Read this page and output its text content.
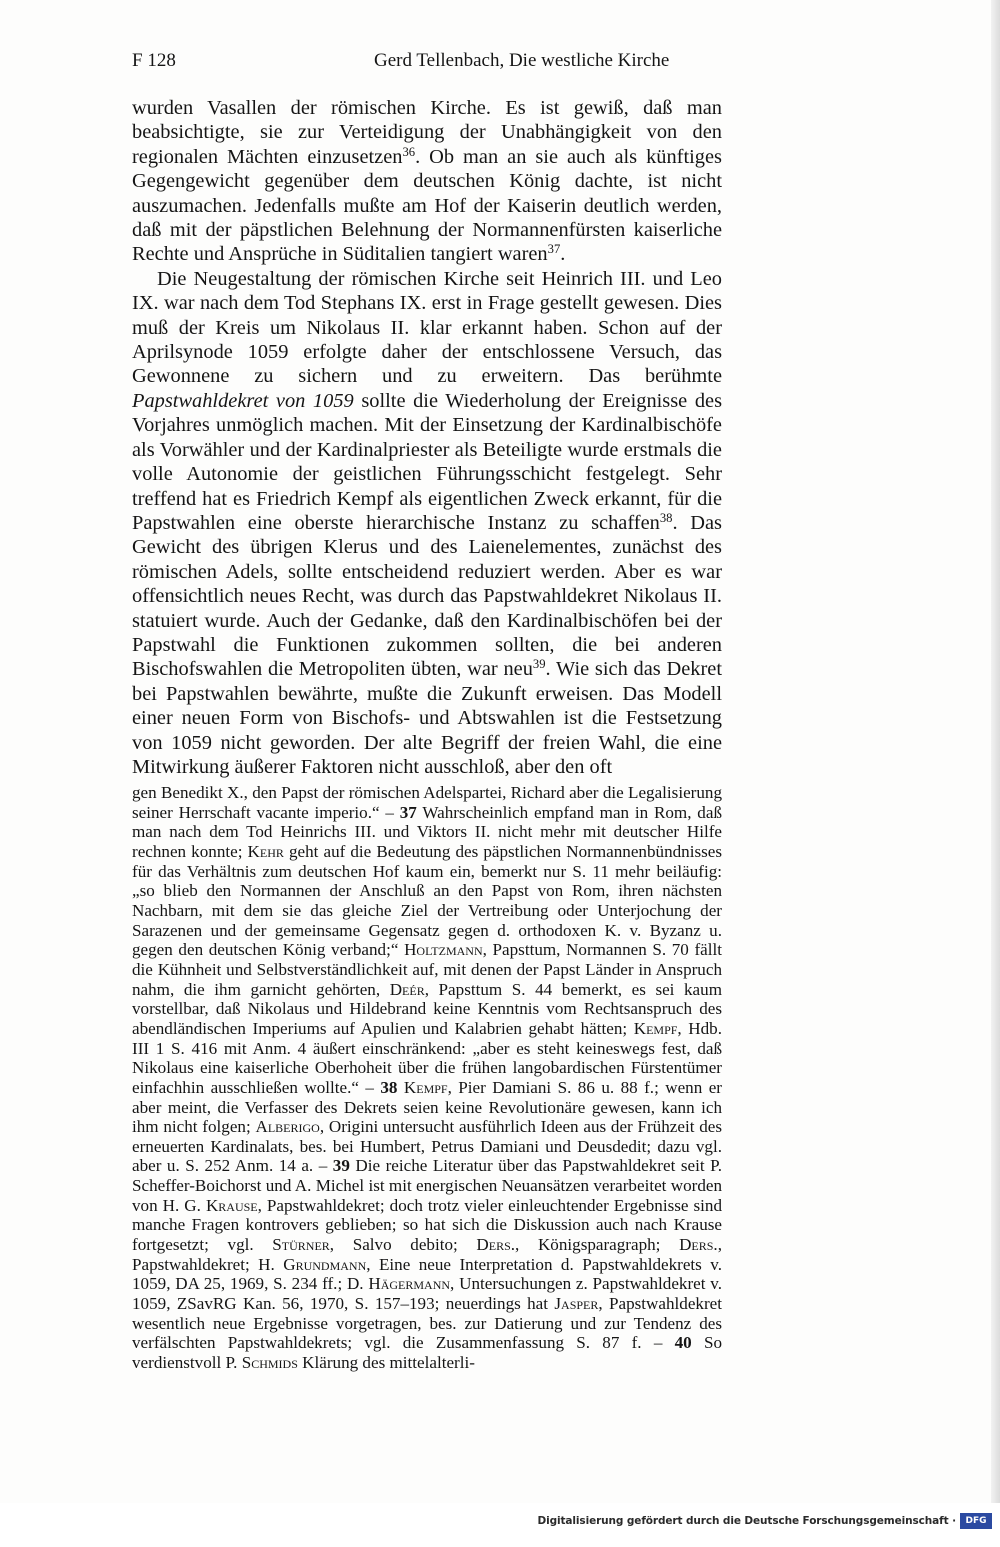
F 128	Gerd Tellenbach, Die westliche Kirche

wurden Vasallen der römischen Kirche. Es ist gewiß, daß man beabsichtigte, sie zur Verteidigung der Unabhängigkeit von den regionalen Mächten einzusetzen$^{36}$. Ob man an sie auch als künftiges Gegengewicht gegenüber dem deutschen König dachte, ist nicht auszumachen. Jedenfalls mußte am Hof der Kaiserin deutlich werden, daß mit der päpstlichen Belehnung der Normannenfürsten kaiserliche Rechte und Ansprüche in Süditalien tangiert waren$^{37}$.

Die Neugestaltung der römischen Kirche seit Heinrich III. und Leo IX. war nach dem Tod Stephans IX. erst in Frage gestellt gewesen. Dies muß der Kreis um Nikolaus II. klar erkannt haben. Schon auf der Aprilsynode 1059 erfolgte daher der entschlossene Versuch, das Gewonnene zu sichern und zu erweitern. Das berühmte Papstwahldekret von 1059 sollte die Wiederholung der Ereignisse des Vorjahres unmöglich machen. Mit der Einsetzung der Kardinalbischöfe als Vorwähler und der Kardinalpriester als Beteiligte wurde erstmals die volle Autonomie der geistlichen Führungsschicht festgelegt. Sehr treffend hat es Friedrich Kempf als eigentlichen Zweck erkannt, für die Papstwahlen eine oberste hierarchische Instanz zu schaffen$^{38}$. Das Gewicht des übrigen Klerus und des Laienelementes, zunächst des römischen Adels, sollte entscheidend reduziert werden. Aber es war offensichtlich neues Recht, was durch das Papstwahldekret Nikolaus II. statuiert wurde. Auch der Gedanke, daß den Kardinalbischöfen bei der Papstwahl die Funktionen zukommen sollten, die bei anderen Bischofswahlen die Metropoliten übten, war neu$^{39}$. Wie sich das Dekret bei Papstwahlen bewährte, mußte die Zukunft erweisen. Das Modell einer neuen Form von Bischofs- und Abtswahlen ist die Festsetzung von 1059 nicht geworden. Der alte Begriff der freien Wahl, die eine Mitwirkung äußerer Faktoren nicht ausschloß, aber den oft

gen Benedikt X., den Papst der römischen Adelspartei, Richard aber die Legalisierung seiner Herrschaft vacante imperio.“ – 37 Wahrscheinlich empfand man in Rom, daß man nach dem Tod Heinrichs III. und Viktors II. nicht mehr mit deutscher Hilfe rechnen konnte; Kehr geht auf die Bedeutung des päpstlichen Normannenbündnisses für das Verhältnis zum deutschen Hof kaum ein, bemerkt nur S. 11 mehr beiläufig: „so blieb den Normannen der Anschluß an den Papst von Rom, ihren nächsten Nachbarn, mit dem sie das gleiche Ziel der Vertreibung oder Unterjochung der Sarazenen und der gemeinsame Gegensatz gegen d. orthodoxen K. v. Byzanz u. gegen den deutschen König verband;“ Holtzmann, Papsttum, Normannen S. 70 fällt die Kühnheit und Selbstverständlichkeit auf, mit denen der Papst Länder in Anspruch nahm, die ihm garnicht gehörten, Deér, Papsttum S. 44 bemerkt, es sei kaum vorstellbar, daß Nikolaus und Hildebrand keine Kenntnis vom Rechtsanspruch des abendländischen Imperiums auf Apulien und Kalabrien gehabt hätten; Kempf, Hdb. III 1 S. 416 mit Anm. 4 äußert einschränkend: „aber es steht keineswegs fest, daß Nikolaus eine kaiserliche Oberhoheit über die frühen langobardischen Fürstentümer einfachhin ausschließen wollte.“ – 38 Kempf, Pier Damiani S. 86 u. 88 f.; wenn er aber meint, die Verfasser des Dekrets seien keine Revolutionäre gewesen, kann ich ihm nicht folgen; Alberigo, Origini untersucht ausführlich Ideen aus der Frühzeit des erneuerten Kardinalats, bes. bei Humbert, Petrus Damiani und Deusdedit; dazu vgl. aber u. S. 252 Anm. 14 a. – 39 Die reiche Literatur über das Papstwahldekret seit P. Scheffer-Boichorst und A. Michel ist mit energischen Neuansätzen verarbeitet worden von H. G. Krause, Papstwahldekret; doch trotz vieler einleuchtender Ergebnisse sind manche Fragen kontrovers geblieben; so hat sich die Diskussion auch nach Krause fortgesetzt; vgl. Stürner, Salvo debito; Ders., Königsparagraph; Ders., Papstwahldekret; H. Grundmann, Eine neue Interpretation d. Papstwahldekrets v. 1059, DA 25, 1969, S. 234 ff.; D. Hägermann, Untersuchungen z. Papstwahldekret v. 1059, ZSavRG Kan. 56, 1970, S. 157–193; neuerdings hat Jasper, Papstwahldekret wesentlich neue Ergebnisse vorgetragen, bes. zur Datierung und zur Tendenz des verfälschten Papstwahldekrets; vgl. die Zusammenfassung S. 87 f. – 40 So verdienstvoll P. Schmids Klärung des mittelalterli-
Digitalisierung gefördert durch die Deutsche Forschungsgemeinschaft ·	DFG
